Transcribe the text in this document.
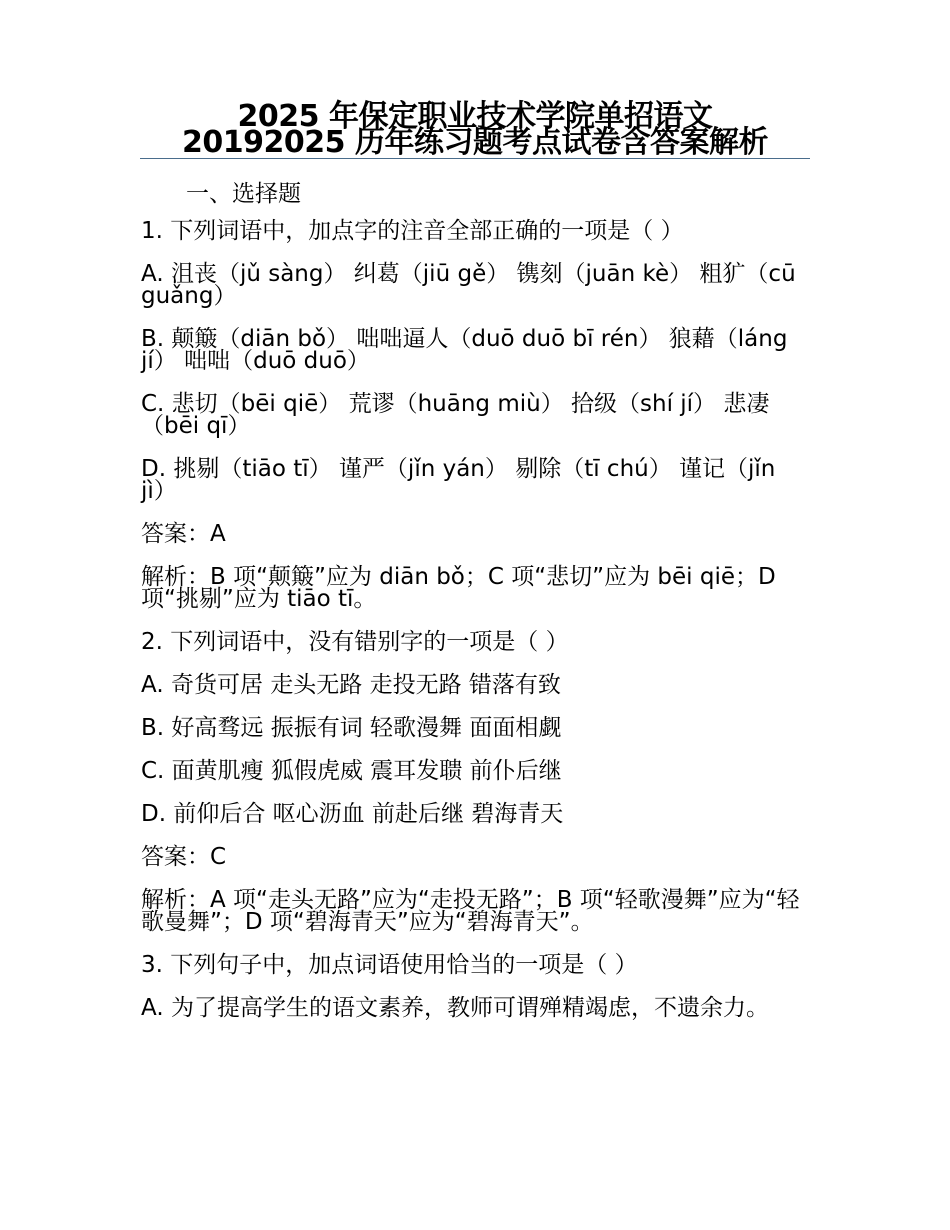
2025 年保定职业技术学院单招语文
20192025 历年练习题考点试卷含答案解析
一、选择题
1. 下列词语中，加点字的注音全部正确的一项是（ ）
A. 沮丧（jǔ sàng） 纠葛（jiū gě） 镌刻（juān kè） 粗犷（cū guǎng）
B. 颠簸（diān bǒ） 咄咄逼人（duō duō bī rén） 狼藉（láng jí） 咄咄（duō duō）
C. 悲切（bēi qiē） 荒谬（huāng miù） 拾级（shí jí） 悲凄（bēi qī）
D. 挑剔（tiāo tī） 谨严（jǐn yán） 剔除（tī chú） 谨记（jǐn jì）
答案：A
解析：B 项“颠簸”应为 diān bǒ；C 项“悲切”应为 bēi qiē；D 项“挑剔”应为 tiāo tī。
2. 下列词语中，没有错别字的一项是（ ）
A. 奇货可居 走头无路 走投无路 错落有致
B. 好高骛远 振振有词 轻歌漫舞 面面相觑
C. 面黄肌瘦 狐假虎威 震耳发聩 前仆后继
D. 前仰后合 呕心沥血 前赴后继 碧海青天
答案：C
解析：A 项“走头无路”应为“走投无路”；B 项“轻歌漫舞”应为“轻歌曼舞”；D 项“碧海青天”应为“碧海青天”。
3. 下列句子中，加点词语使用恰当的一项是（ ）
A. 为了提高学生的语文素养，教师可谓殚精竭虑，不遗余力。
